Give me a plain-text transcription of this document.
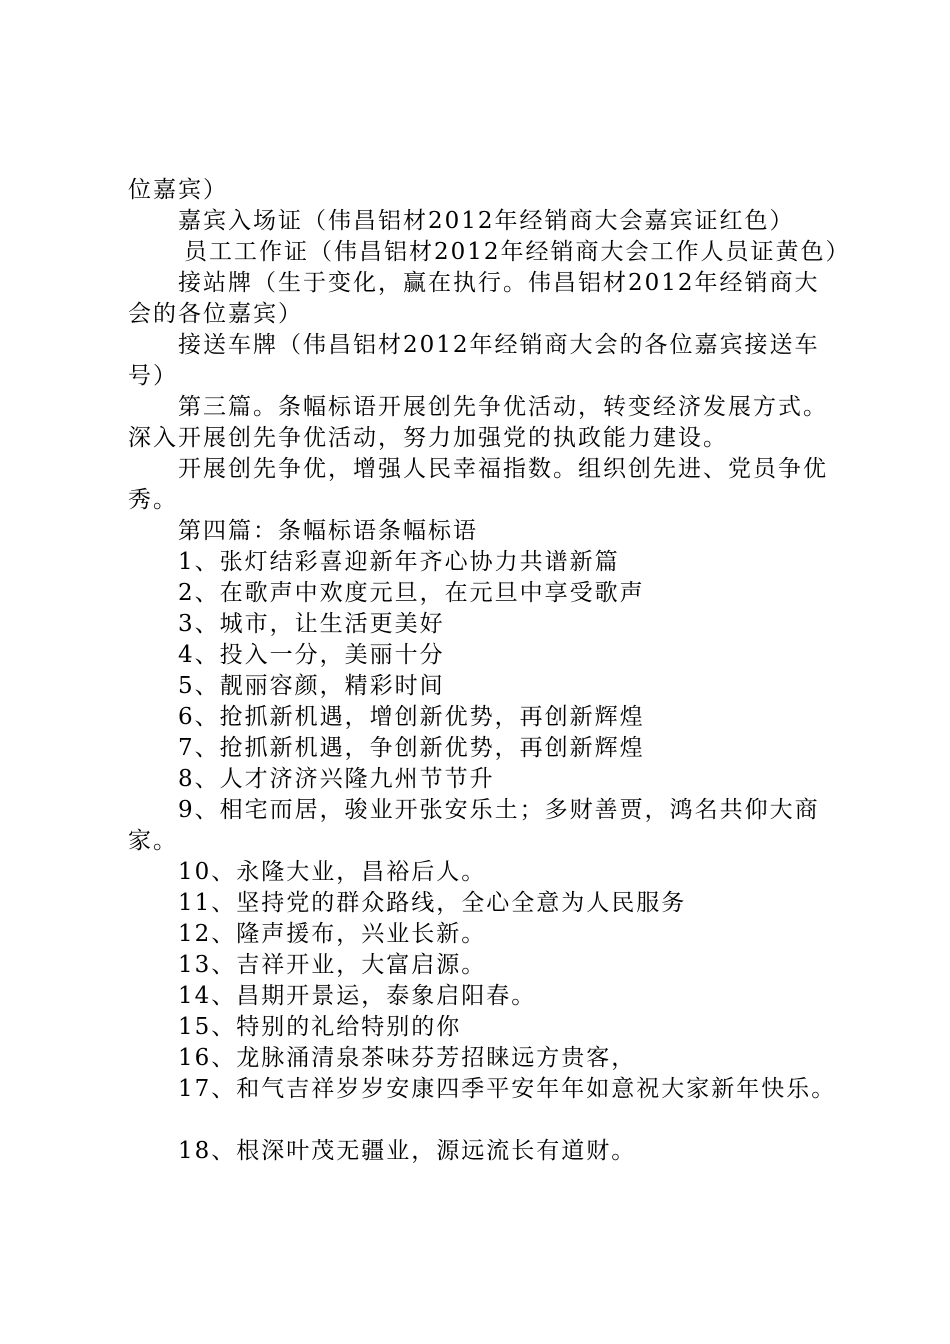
位嘉宾）

嘉宾入场证（伟昌铝材2012年经销商大会嘉宾证红色）

员工工作证（伟昌铝材2012年经销商大会工作人员证黄色）

接站牌（生于变化，赢在执行。伟昌铝材2012年经销商大会的各位嘉宾）

接送车牌（伟昌铝材2012年经销商大会的各位嘉宾接送车号）

第三篇。条幅标语开展创先争优活动，转变经济发展方式。深入开展创先争优活动，努力加强党的执政能力建设。

开展创先争优，增强人民幸福指数。组织创先进、党员争优秀。

第四篇：条幅标语条幅标语

1、张灯结彩喜迎新年齐心协力共谱新篇

2、在歌声中欢度元旦，在元旦中享受歌声

3、城市，让生活更美好

4、投入一分，美丽十分

5、靓丽容颜，精彩时间

6、抢抓新机遇，增创新优势，再创新辉煌

7、抢抓新机遇，争创新优势，再创新辉煌

8、人才济济兴隆九州节节升

9、相宅而居，骏业开张安乐土；多财善贾，鸿名共仰大商家。

10、永隆大业，昌裕后人。

11、坚持党的群众路线，全心全意为人民服务

12、隆声援布，兴业长新。

13、吉祥开业，大富启源。

14、昌期开景运，泰象启阳春。

15、特别的礼给特别的你

16、龙脉涌清泉茶味芬芳招睐远方贵客，

17、和气吉祥岁岁安康四季平安年年如意祝大家新年快乐。

18、根深叶茂无疆业，源远流长有道财。
